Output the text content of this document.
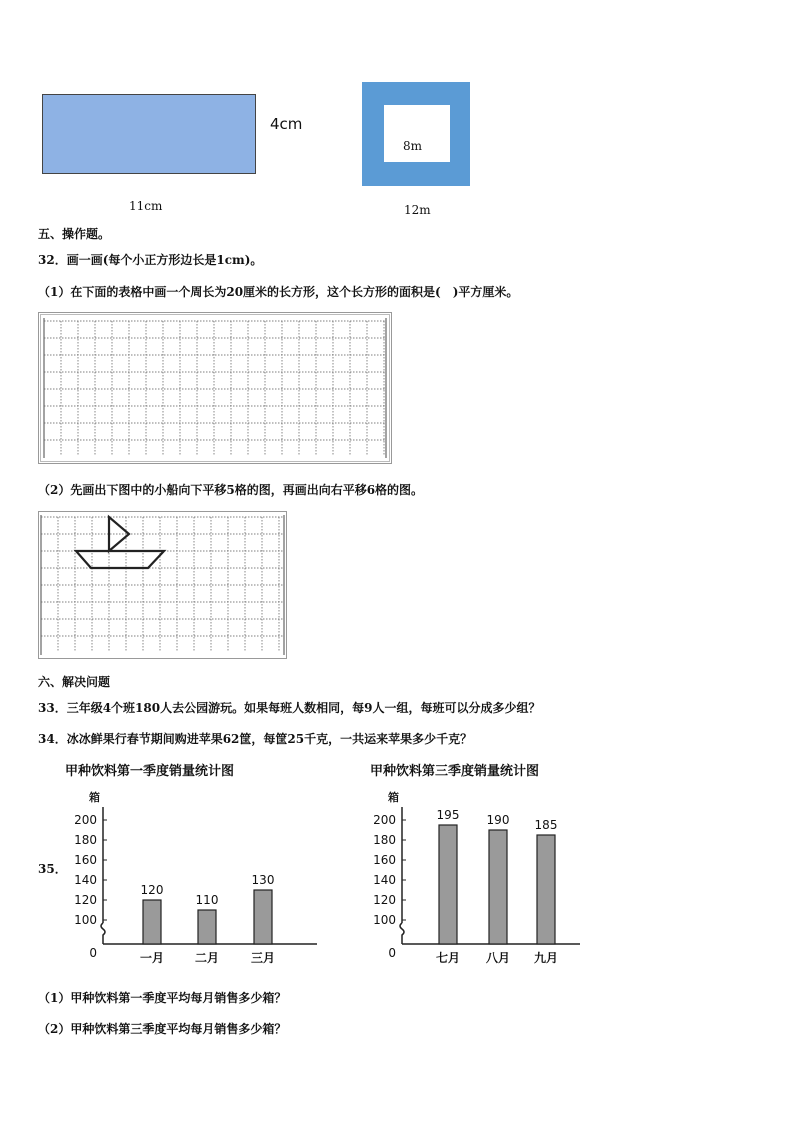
4cm
11cm
8m
12m
五、操作题。
32．画一画(每个小正方形边长是1cm)。
（1）在下面的表格中画一个周长为20厘米的长方形，这个长方形的面积是(　)平方厘米。
（2）先画出下图中的小船向下平移5格的图，再画出向右平移6格的图。
六、解决问题
33．三年级4个班180人去公园游玩。如果每班人数相同，每9人一组，每班可以分成多少组？
34．冰冰鲜果行春节期间购进苹果62筐，每筐25千克，一共运来苹果多少千克？
35．
甲种饮料第一季度销量统计图
箱
0
100
120
140
160
180
200
120
一月
110
二月
130
三月
甲种饮料第三季度销量统计图
箱
0
100
120
140
160
180
200	195
七月
190
八月
185
九月
（1）甲种饮料第一季度平均每月销售多少箱？
（2）甲种饮料第三季度平均每月销售多少箱？
